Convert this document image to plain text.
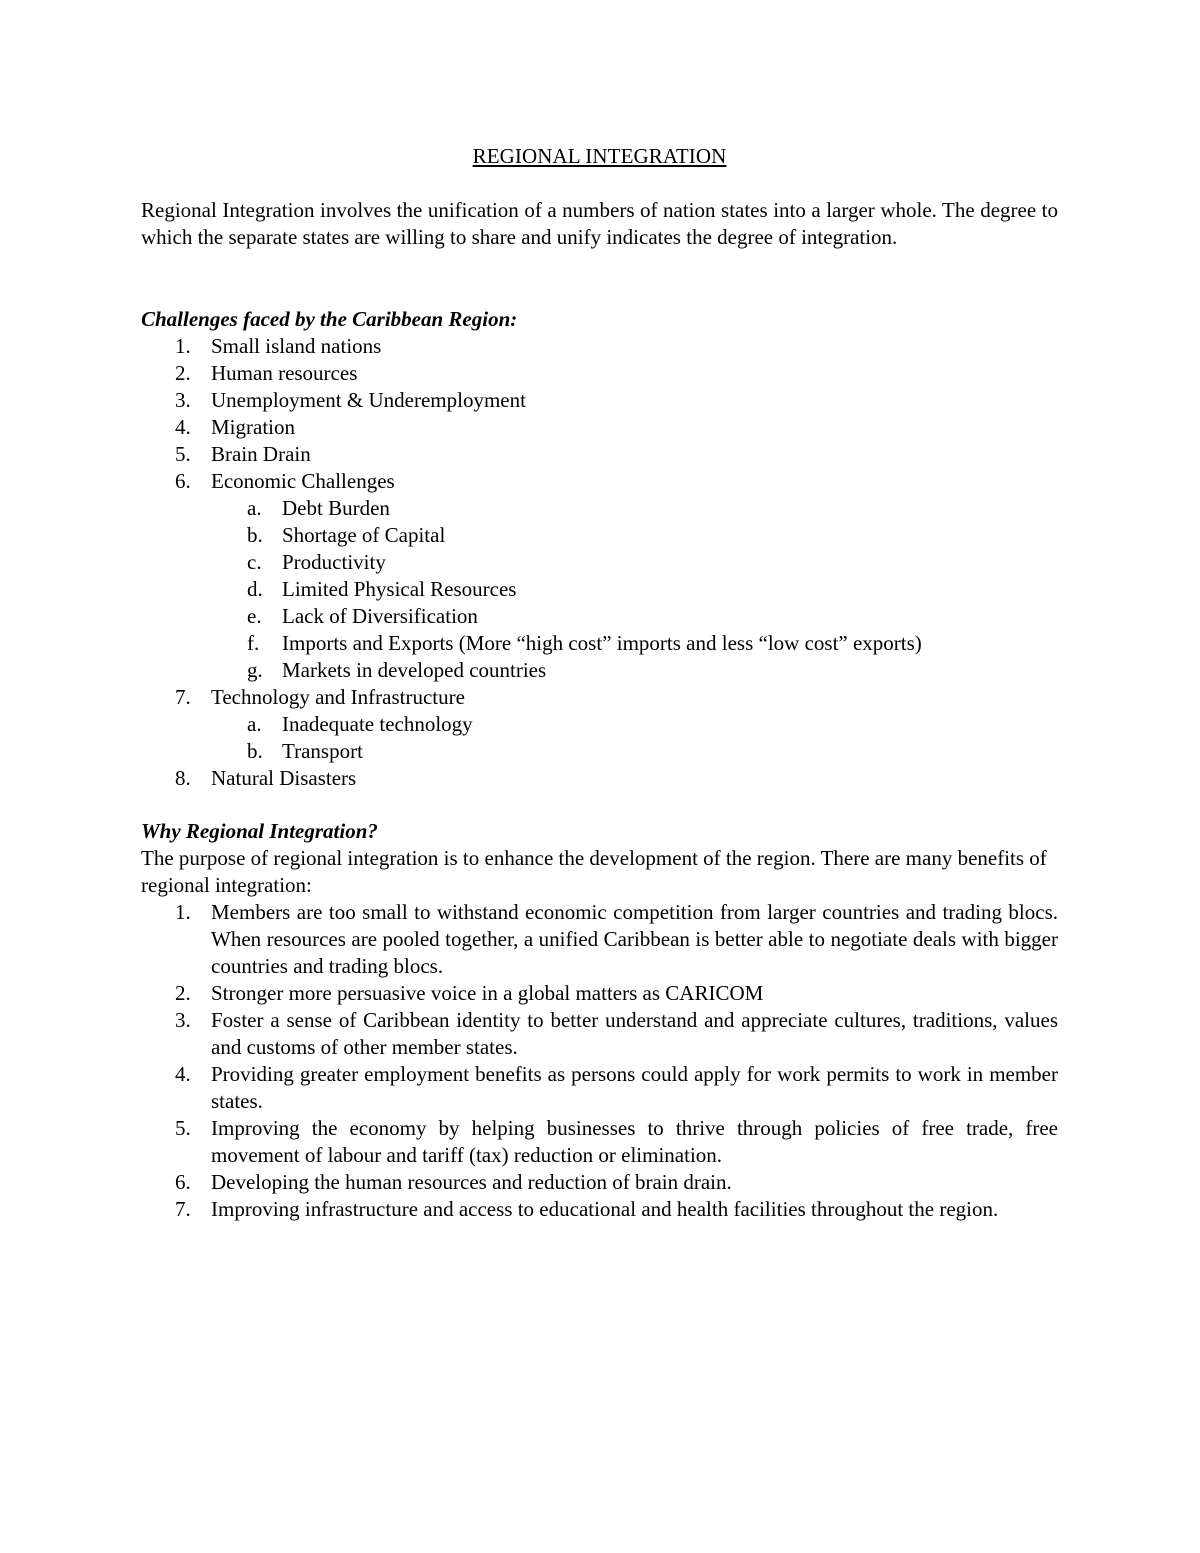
REGIONAL INTEGRATION

Regional Integration involves the unification of a numbers of nation states into a larger whole. The degree to which the separate states are willing to share and unify indicates the degree of integration.

Challenges faced by the Caribbean Region:

1. Small island nations
2. Human resources
3. Unemployment & Underemployment
4. Migration
5. Brain Drain
6. Economic Challenges
a. Debt Burden
b. Shortage of Capital
c. Productivity
d. Limited Physical Resources
e. Lack of Diversification
f. Imports and Exports (More “high cost” imports and less “low cost” exports)
g. Markets in developed countries
7. Technology and Infrastructure
a. Inadequate technology
b. Transport
8. Natural Disasters

Why Regional Integration?

The purpose of regional integration is to enhance the development of the region. There are many benefits of regional integration:

1. Members are too small to withstand economic competition from larger countries and trading blocs. When resources are pooled together, a unified Caribbean is better able to negotiate deals with bigger countries and trading blocs.
2. Stronger more persuasive voice in a global matters as CARICOM
3. Foster a sense of Caribbean identity to better understand and appreciate cultures, traditions, values and customs of other member states.
4. Providing greater employment benefits as persons could apply for work permits to work in member states.
5. Improving the economy by helping businesses to thrive through policies of free trade, free movement of labour and tariff (tax) reduction or elimination.
6. Developing the human resources and reduction of brain drain.
7. Improving infrastructure and access to educational and health facilities throughout the region.
